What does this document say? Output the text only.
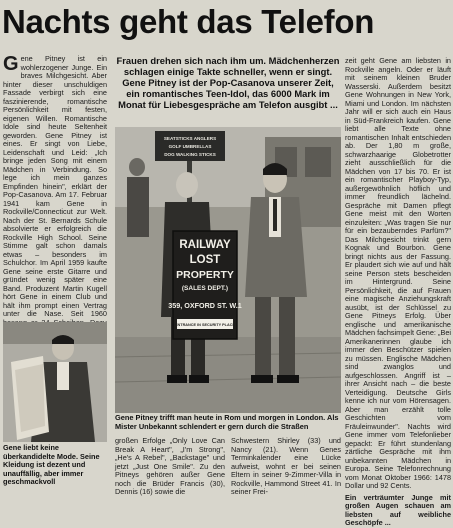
Nachts geht das Telefon
Gene Pitney ist ein wohlerzogener Junge. Ein braves Milchgesicht. Aber hinter dieser unschuldigen Fassade verbirgt sich eine faszinierende, romantische Persönlichkeit mit festen, eigenen Willen. Romantische Idole sind heute Seltenheit geworden. Gene Pitney ist eines. Er singt von Liebe, Leidenschaft und Leid: „Ich bringe jeden Song mit einem Mädchen in Verbindung. So lege ich mein ganzes Empfinden hinein", erklärt der Pop-Casanova. Am 17. Februar 1941 kam Gene in Rockville/Connecticut zur Welt. Nach der St. Bernards Schule absolvierte er erfolgreich die Rockville High School. Seine Stimme galt schon damals etwas – besonders im Schulchor. Im April 1959 kaufte Gene seine erste Gitarre und gründet wenig später eine Band. Produzent Martin Kugell hört Gene in einem Club und hält ihm prompt einen Vertrag unter die Nase. Seit 1960
Frauen drehen sich nach ihm um. Mädchenherzen schlagen einige Takte schneller, wenn er singt. Gene Pitney ist der Pop-Casanova unserer Zeit, ein romantisches Teen-Idol, das 6000 Mark im Monat für Liebesgespräche am Telefon ausgibt ...
SEATSTICKS ANGLERS
GOLF UMBRELLAS
DOG WALKING STICKS
RAILWAY
LOST
PROPERTY
(SALES DEPT.)
359, OXFORD ST. W.1
ENTRANCE IN SECURITY PLACE
Gene Pitney trifft man heute in Rom und morgen in London. Als Mister Unbekannt schlendert er gern durch die Straßen
großen Erfolge „Only Love Can Break A Heart", „I'm Strong", „He's A Rebel", „Backstage" und jetzt „Just One Smile". Zu den Pitneys gehören außer Gene noch die Brüder Francis (30), Dennis (16) sowie die
Schwestern Shirley (33) und Nancy (21). Wenn Genes Terminkalender eine Lücke aufweist, wohnt er bei seinen Eltern in seiner 9-Zimmer-Villa in Rockville, Hammond Street 41. In seiner Frei-
zeit geht Gene am liebsten in Rockville angeln. Oder er läuft mit seinem kleinen Bruder Wasserski. Außerdem besitzt Gene Wohnungen in New York, Miami und London. Im nächsten Jahr will er sich auch ein Haus in Süd-Frankreich kaufen. Gene liebt alle Texte ohne romantischen Inhalt entschieden ab. Der 1,80 m große, schwarzhaarige Globetrotter zieht ausschließlich für die Mädchen von 17 bis 70. Er ist ein romantischer Playboy-Typ, außergewöhnlich höflich und immer freundlich lächelnd. Gespräche mit Damen pflegt Gene meist mit den Worten einzuleiten: „Was tragen Sie nur für ein bezauberndes Parfüm?" Das Milchgesicht trinkt gern Kognak und Bourbon. Gene bringt nichts aus der Fassung. Er plaudert sich wie auf und hält seine Person stets bescheiden im Hintergrund. Seine Persönlichkeit, die auf Frauen eine magische Anziehungskraft ausübt, ist der Schlüssel zu Gene Pitneys Erfolg. Über englische und amerikanische Mädchen fachsimpelt Gene: „Bei Amerikanerinnen glaube ich immer den Beschützer spielen zu müssen. Englische Mädchen sind zwanglos und aufgeschlossen. Angriff ist – ihrer Ansicht nach – die beste Verteidigung. Deutsche Girls kenne ich nur vom Hörensagen. Aber man erzählt tolle Geschichten vom Fräuleinwunder". Nachts wird Gene immer vom Telefonlieber gepackt: Er führt stundenlang zärtliche Gespräche mit ihm unbekannten Mädchen in Europa. Seine Telefonrechnung vom Monat Oktober 1966: 1478 Dollar und 92 Cents.
Ein verträumter Junge mit großen Augen schauen am liebsten auf weibliche Geschöpfe ...
Gene liebt keine überkandidelte Mode. Seine Kleidung ist dezent und unauffällig, aber immer geschmackvoll
